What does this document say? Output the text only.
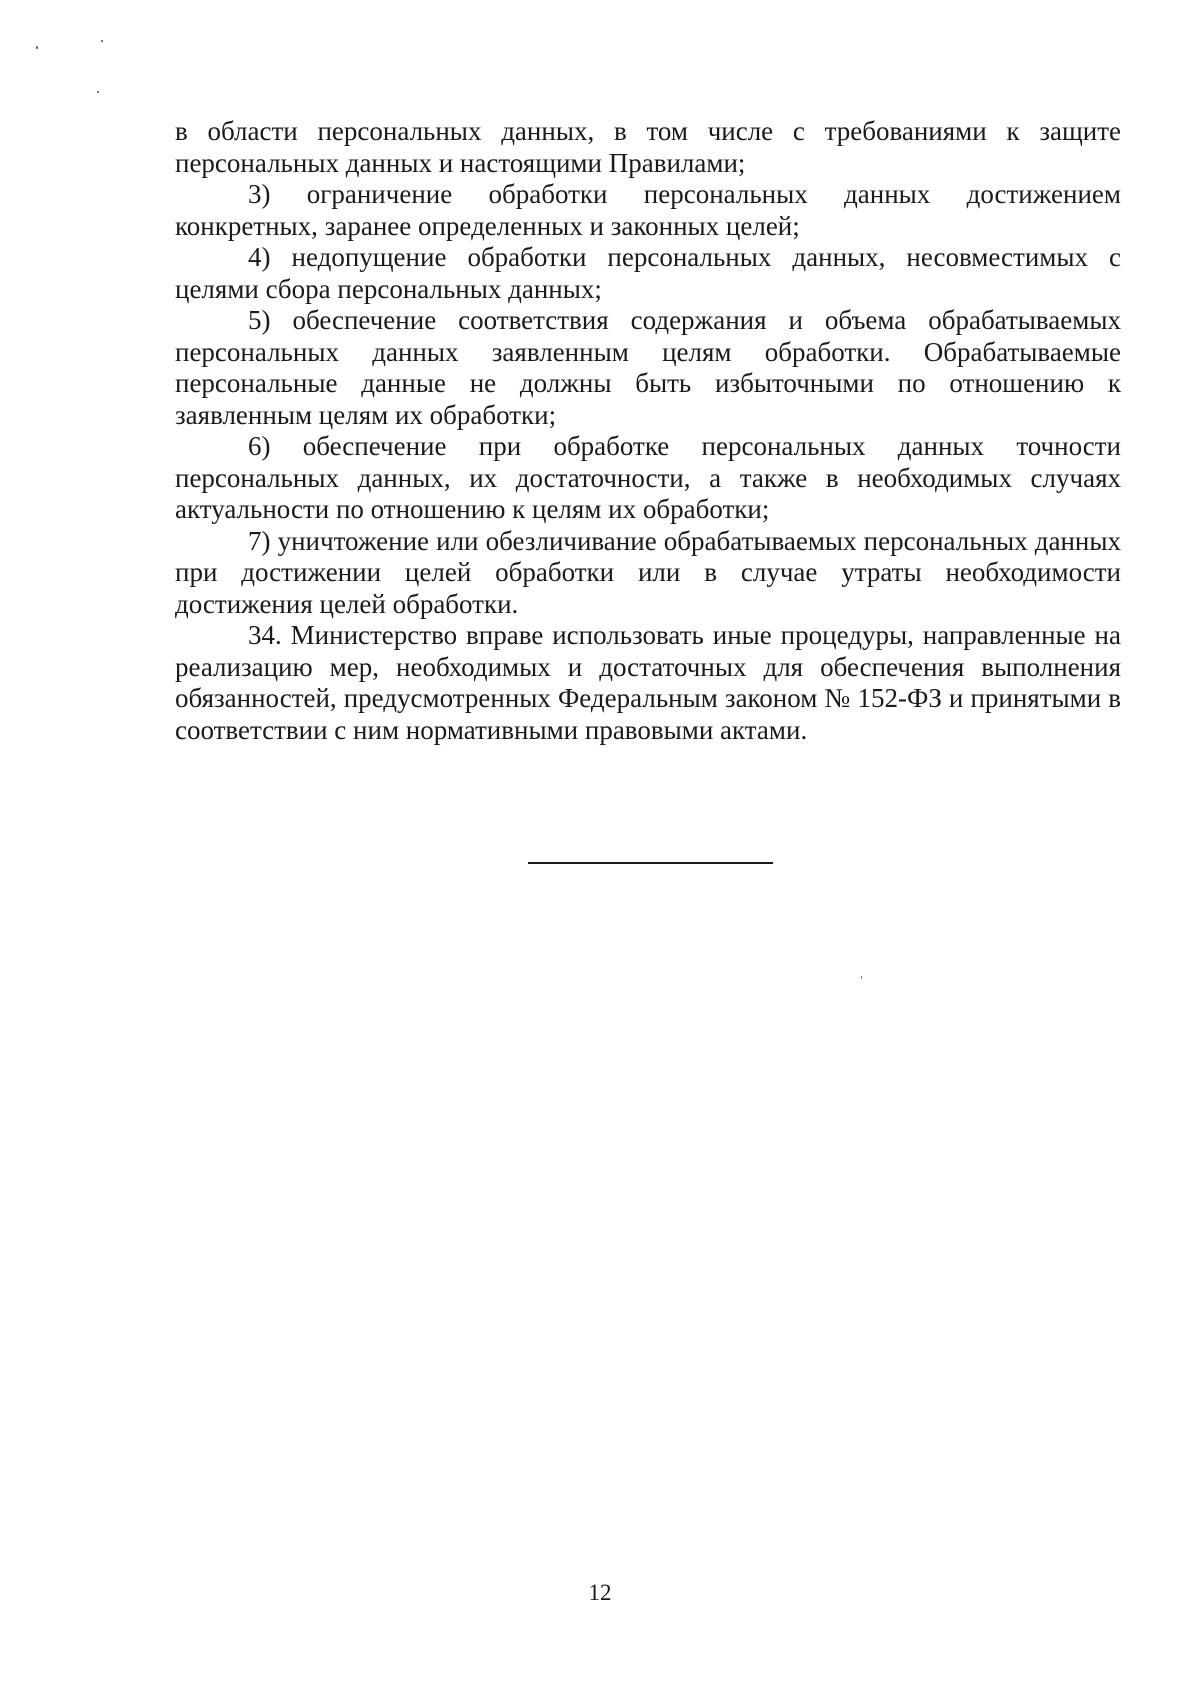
в области персональных данных, в том числе с требованиями к защите персональных данных и настоящими Правилами;

3) ограничение обработки персональных данных достижением конкретных, заранее определенных и законных целей;

4) недопущение обработки персональных данных, несовместимых с целями сбора персональных данных;

5) обеспечение соответствия содержания и объема обрабатываемых персональных данных заявленным целям обработки. Обрабатываемые персональные данные не должны быть избыточными по отношению к заявленным целям их обработки;

6) обеспечение при обработке персональных данных точности персональных данных, их достаточности, а также в необходимых случаях актуальности по отношению к целям их обработки;

7) уничтожение или обезличивание обрабатываемых персональных данных при достижении целей обработки или в случае утраты необходимости достижения целей обработки.

34. Министерство вправе использовать иные процедуры, направленные на реализацию мер, необходимых и достаточных для обеспечения выполнения обязанностей, предусмотренных Федеральным законом № 152-ФЗ и принятыми в соответствии с ним нормативными правовыми актами.

12
